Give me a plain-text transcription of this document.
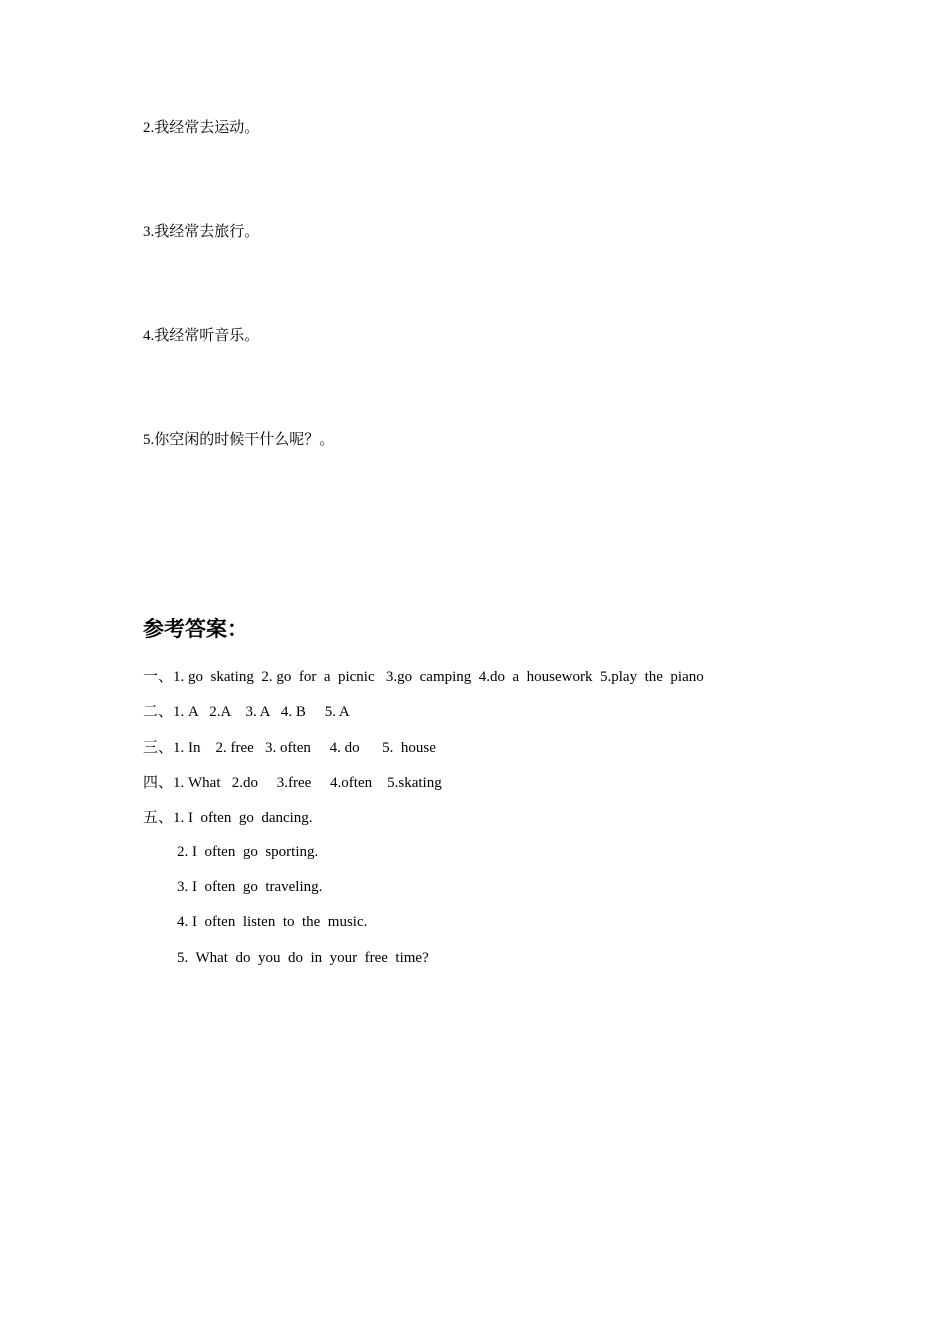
2.我经常去运动。
3.我经常去旅行。
4.我经常听音乐。
5.你空闲的时候干什么呢？。
参考答案：
一、1. go  skating  2. go  for  a  picnic   3.go  camping  4.do  a  housework  5.play  the  piano
二、1. A   2.A    3. A   4. B     5. A
三、1. In    2. free   3. often     4. do      5.  house
四、1. What   2.do     3.free     4.often    5.skating
五、1. I  often  go  dancing.
2. I  often  go  sporting.
3. I  often  go  traveling.
4. I  often  listen  to  the  music.
5.  What  do  you  do  in  your  free  time?
